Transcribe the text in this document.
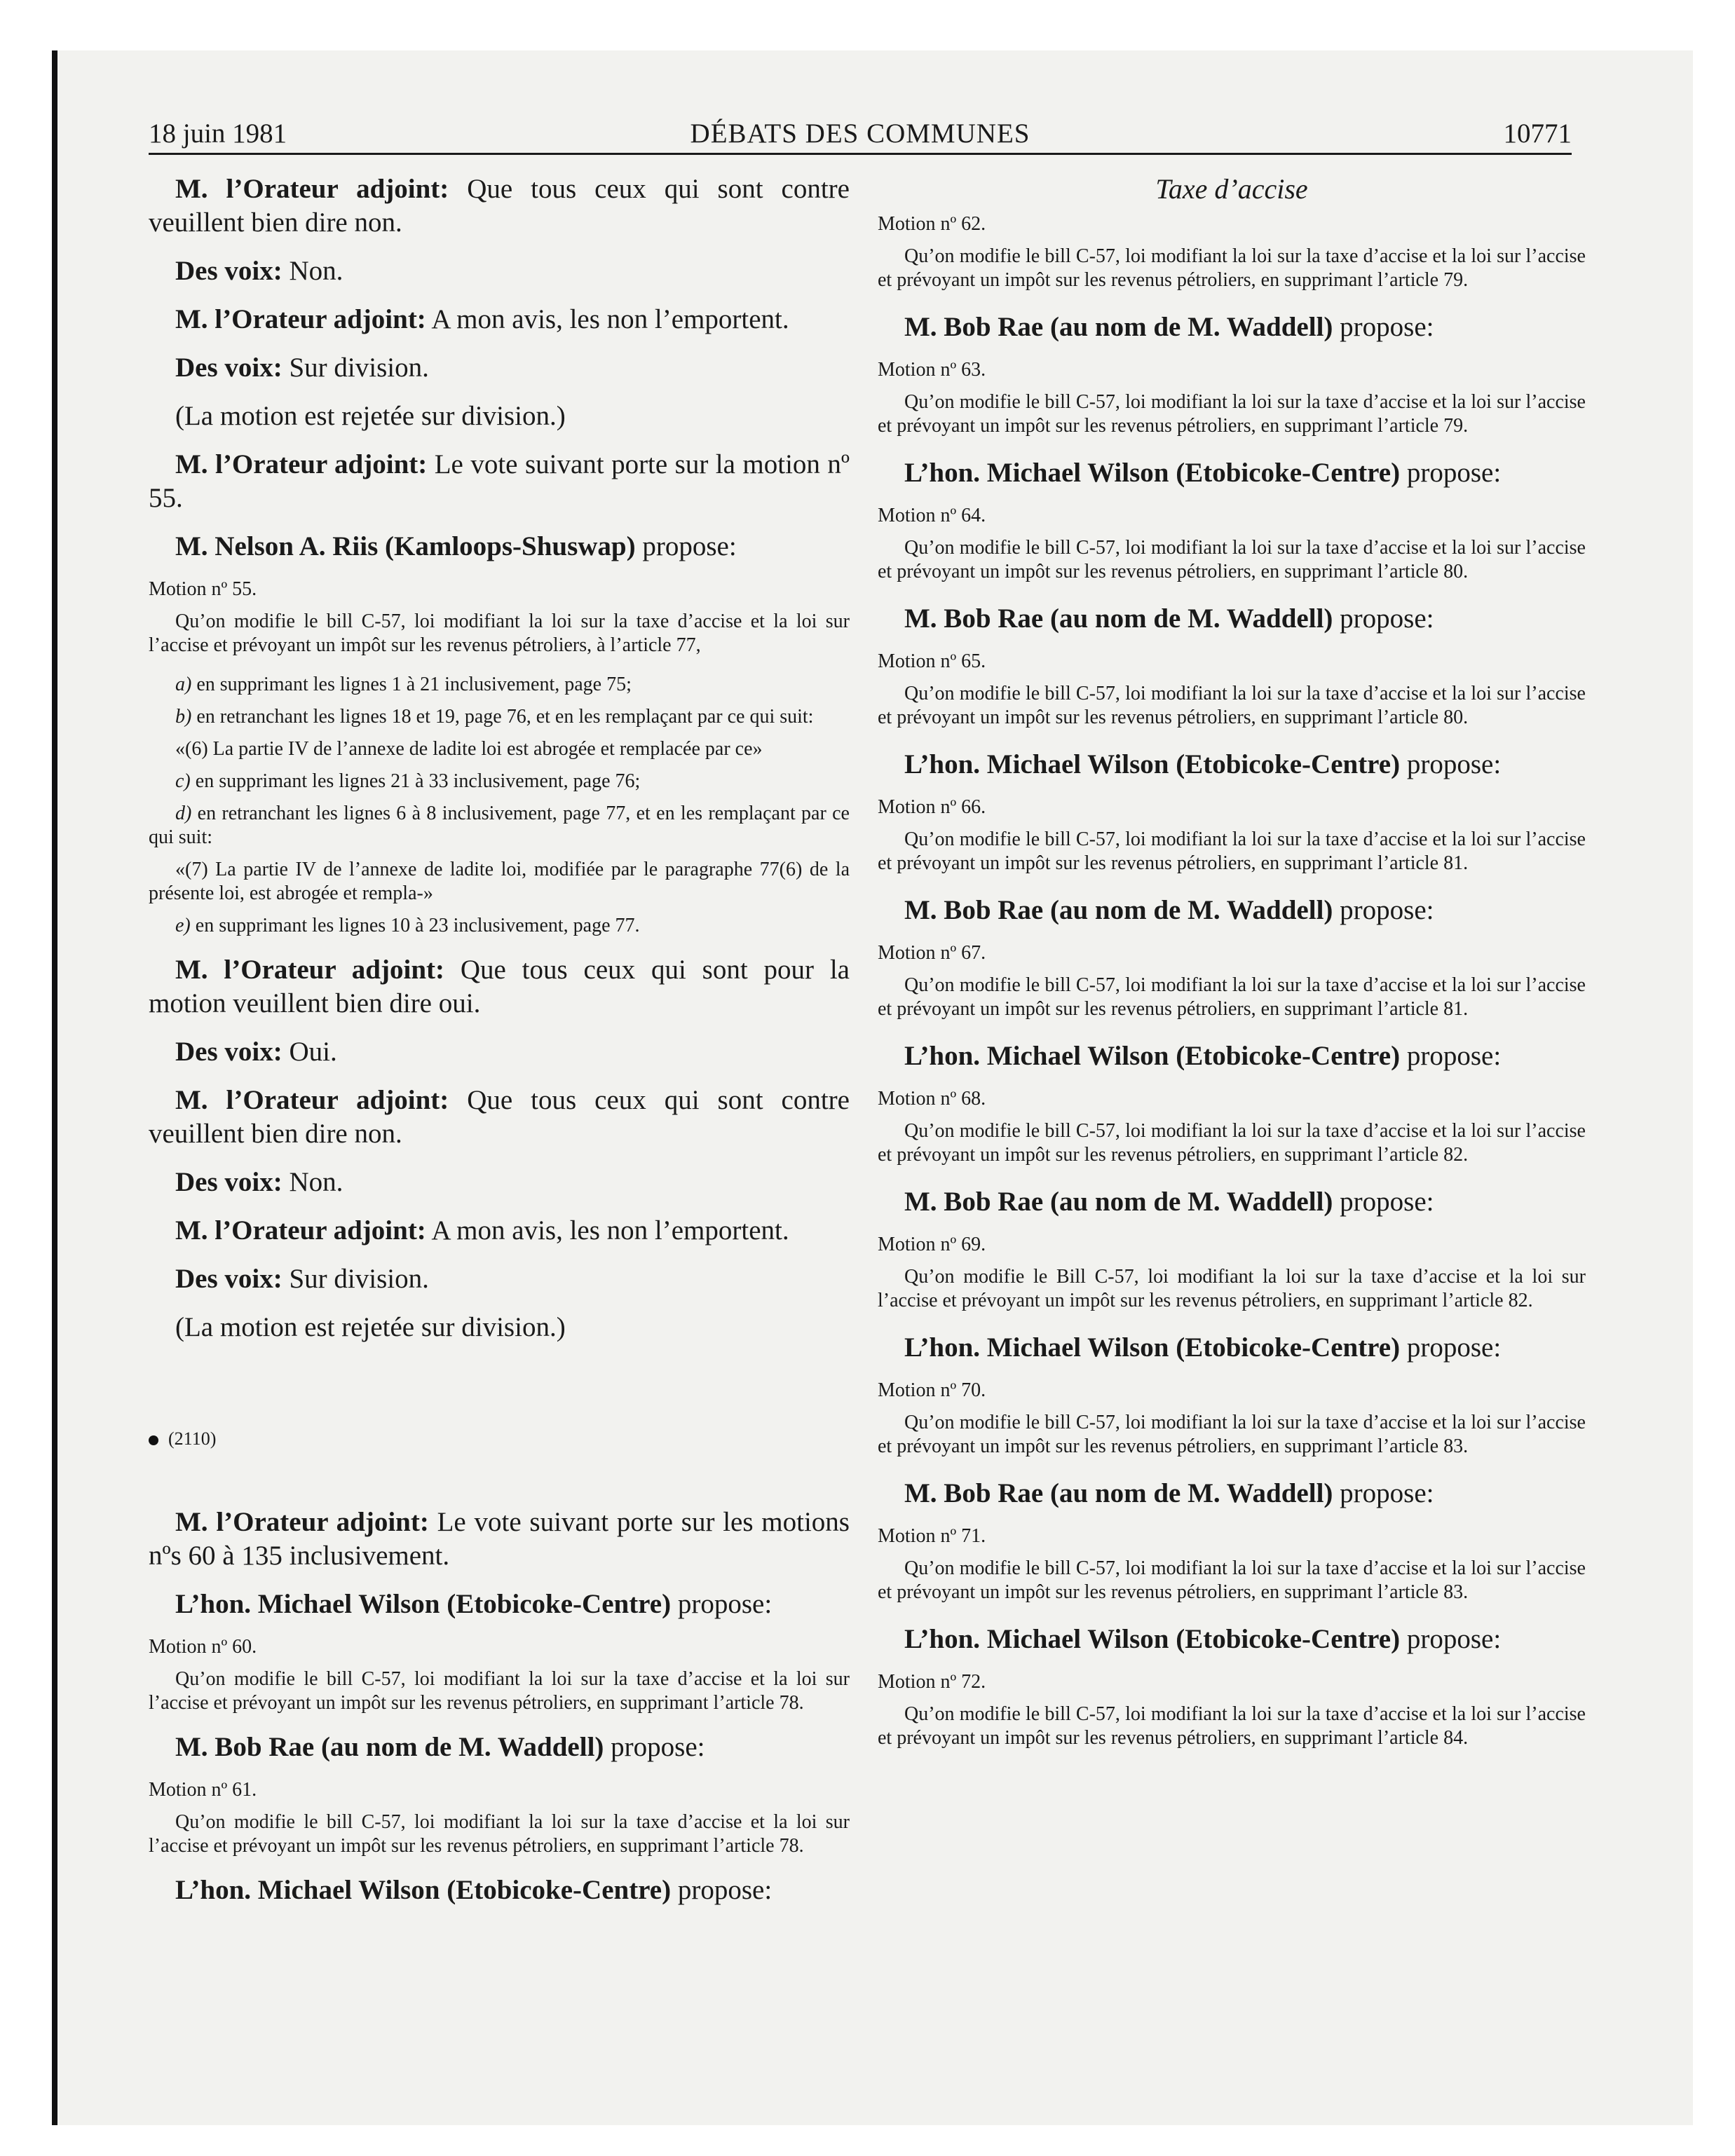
18 juin 1981	DÉBATS DES COMMUNES	10771

M. l’Orateur adjoint: Que tous ceux qui sont contre veuillent bien dire non.

Des voix: Non.

M. l’Orateur adjoint: A mon avis, les non l’emportent.

Des voix: Sur division.

(La motion est rejetée sur division.)

M. l’Orateur adjoint: Le vote suivant porte sur la motion nº 55.

M. Nelson A. Riis (Kamloops-Shuswap) propose:

Motion nº 55.

Qu’on modifie le bill C-57, loi modifiant la loi sur la taxe d’accise et la loi sur l’accise et prévoyant un impôt sur les revenus pétroliers, à l’article 77,

a) en supprimant les lignes 1 à 21 inclusivement, page 75;

b) en retranchant les lignes 18 et 19, page 76, et en les remplaçant par ce qui suit:

«(6) La partie IV de l’annexe de ladite loi est abrogée et remplacée par ce»

c) en supprimant les lignes 21 à 33 inclusivement, page 76;

d) en retranchant les lignes 6 à 8 inclusivement, page 77, et en les remplaçant par ce qui suit:

«(7) La partie IV de l’annexe de ladite loi, modifiée par le paragraphe 77(6) de la présente loi, est abrogée et rempla-»

e) en supprimant les lignes 10 à 23 inclusivement, page 77.

M. l’Orateur adjoint: Que tous ceux qui sont pour la motion veuillent bien dire oui.

Des voix: Oui.

M. l’Orateur adjoint: Que tous ceux qui sont contre veuillent bien dire non.

Des voix: Non.

M. l’Orateur adjoint: A mon avis, les non l’emportent.

Des voix: Sur division.

(La motion est rejetée sur division.)

(2110)

M. l’Orateur adjoint: Le vote suivant porte sur les motions nºs 60 à 135 inclusivement.

L’hon. Michael Wilson (Etobicoke-Centre) propose:

Motion nº 60.

Qu’on modifie le bill C-57, loi modifiant la loi sur la taxe d’accise et la loi sur l’accise et prévoyant un impôt sur les revenus pétroliers, en supprimant l’article 78.

M. Bob Rae (au nom de M. Waddell) propose:

Motion nº 61.

Qu’on modifie le bill C-57, loi modifiant la loi sur la taxe d’accise et la loi sur l’accise et prévoyant un impôt sur les revenus pétroliers, en supprimant l’article 78.

L’hon. Michael Wilson (Etobicoke-Centre) propose:

Taxe d’accise

Motion nº 62.

Qu’on modifie le bill C-57, loi modifiant la loi sur la taxe d’accise et la loi sur l’accise et prévoyant un impôt sur les revenus pétroliers, en supprimant l’article 79.

M. Bob Rae (au nom de M. Waddell) propose:

Motion nº 63.

Qu’on modifie le bill C-57, loi modifiant la loi sur la taxe d’accise et la loi sur l’accise et prévoyant un impôt sur les revenus pétroliers, en supprimant l’article 79.

L’hon. Michael Wilson (Etobicoke-Centre) propose:

Motion nº 64.

Qu’on modifie le bill C-57, loi modifiant la loi sur la taxe d’accise et la loi sur l’accise et prévoyant un impôt sur les revenus pétroliers, en supprimant l’article 80.

M. Bob Rae (au nom de M. Waddell) propose:

Motion nº 65.

Qu’on modifie le bill C-57, loi modifiant la loi sur la taxe d’accise et la loi sur l’accise et prévoyant un impôt sur les revenus pétroliers, en supprimant l’article 80.

L’hon. Michael Wilson (Etobicoke-Centre) propose:

Motion nº 66.

Qu’on modifie le bill C-57, loi modifiant la loi sur la taxe d’accise et la loi sur l’accise et prévoyant un impôt sur les revenus pétroliers, en supprimant l’article 81.

M. Bob Rae (au nom de M. Waddell) propose:

Motion nº 67.

Qu’on modifie le bill C-57, loi modifiant la loi sur la taxe d’accise et la loi sur l’accise et prévoyant un impôt sur les revenus pétroliers, en supprimant l’article 81.

L’hon. Michael Wilson (Etobicoke-Centre) propose:

Motion nº 68.

Qu’on modifie le bill C-57, loi modifiant la loi sur la taxe d’accise et la loi sur l’accise et prévoyant un impôt sur les revenus pétroliers, en supprimant l’article 82.

M. Bob Rae (au nom de M. Waddell) propose:

Motion nº 69.

Qu’on modifie le Bill C-57, loi modifiant la loi sur la taxe d’accise et la loi sur l’accise et prévoyant un impôt sur les revenus pétroliers, en supprimant l’article 82.

L’hon. Michael Wilson (Etobicoke-Centre) propose:

Motion nº 70.

Qu’on modifie le bill C-57, loi modifiant la loi sur la taxe d’accise et la loi sur l’accise et prévoyant un impôt sur les revenus pétroliers, en supprimant l’article 83.

M. Bob Rae (au nom de M. Waddell) propose:

Motion nº 71.

Qu’on modifie le bill C-57, loi modifiant la loi sur la taxe d’accise et la loi sur l’accise et prévoyant un impôt sur les revenus pétroliers, en supprimant l’article 83.

L’hon. Michael Wilson (Etobicoke-Centre) propose:

Motion nº 72.

Qu’on modifie le bill C-57, loi modifiant la loi sur la taxe d’accise et la loi sur l’accise et prévoyant un impôt sur les revenus pétroliers, en supprimant l’article 84.
